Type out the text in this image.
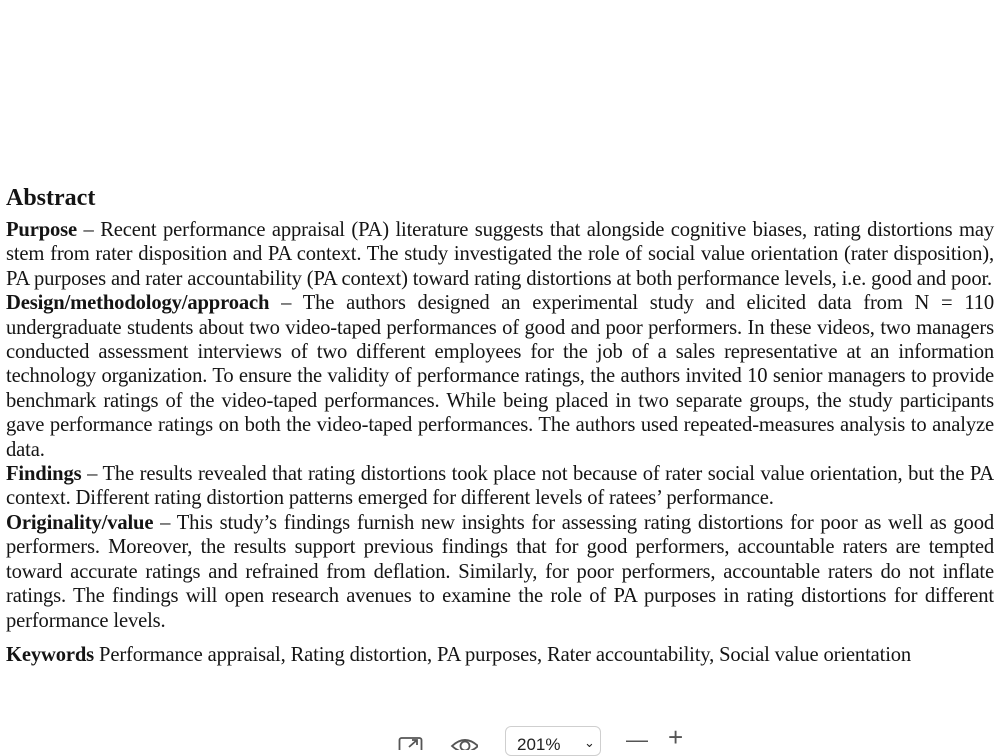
Abstract

Purpose – Recent performance appraisal (PA) literature suggests that alongside cognitive biases, rating distortions may stem from rater disposition and PA context. The study investigated the role of social value orientation (rater disposition), PA purposes and rater accountability (PA context) toward rating distortions at both performance levels, i.e. good and poor.

Design/methodology/approach – The authors designed an experimental study and elicited data from N = 110 undergraduate students about two video-taped performances of good and poor performers. In these videos, two managers conducted assessment interviews of two different employees for the job of a sales representative at an information technology organization. To ensure the validity of performance ratings, the authors invited 10 senior managers to provide benchmark ratings of the video-taped performances. While being placed in two separate groups, the study participants gave performance ratings on both the video-taped performances. The authors used repeated-measures analysis to analyze data.

Findings – The results revealed that rating distortions took place not because of rater social value orientation, but the PA context. Different rating distortion patterns emerged for different levels of ratees’ performance.

Originality/value – This study’s findings furnish new insights for assessing rating distortions for poor as well as good performers. Moreover, the results support previous findings that for good performers, accountable raters are tempted toward accurate ratings and refrained from deflation. Similarly, for poor performers, accountable raters do not inflate ratings. The findings will open research avenues to examine the role of PA purposes in rating distortions for different performance levels.

Keywords Performance appraisal, Rating distortion, PA purposes, Rater accountability, Social value orientation

201% ⌄ — +
